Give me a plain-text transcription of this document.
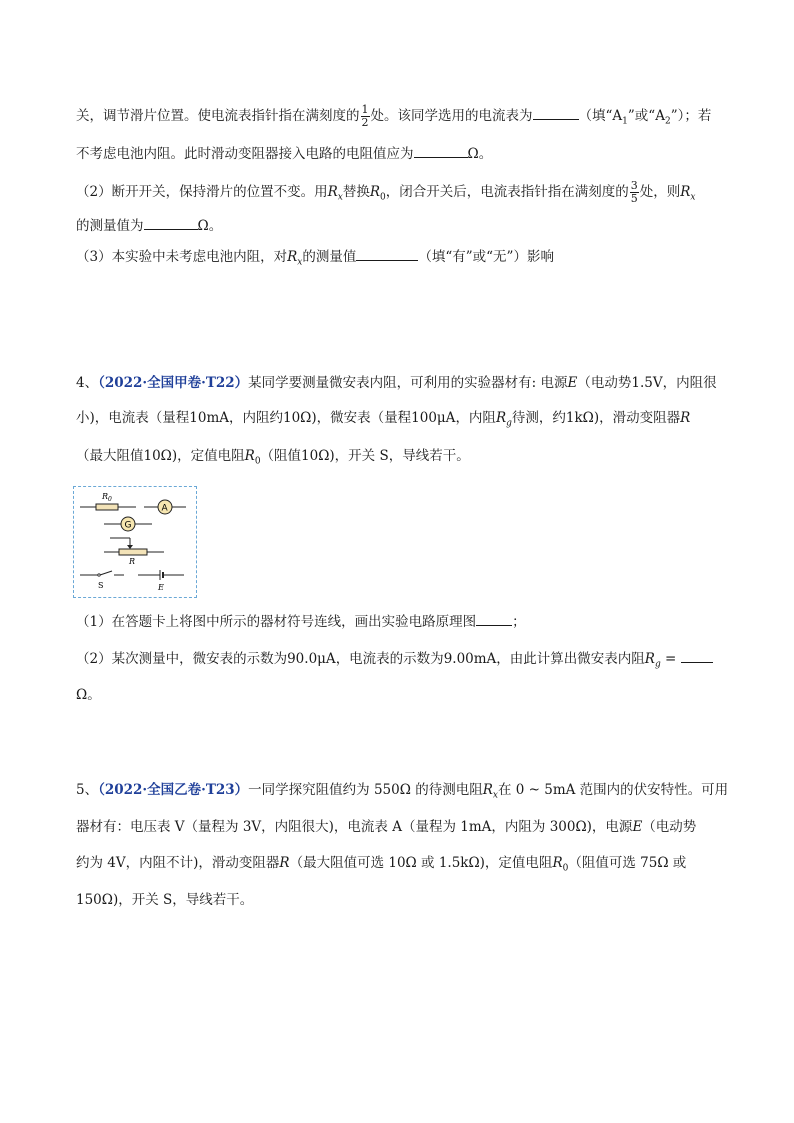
关，调节滑片位置。使电流表指针指在满刻度的 $\frac{1}{2}$ 处。该同学选用的电流表为	（填“$A_1$”或“$A_2$”）；若
不考虑电池内阻。此时滑动变阻器接入电路的电阻值应为	Ω。
（2）断开开关，保持滑片的位置不变。用$R_x$替换$R_0$，闭合开关后，电流表指针指在满刻度的 $\frac{3}{5}$ 处，则$R_x$
的测量值为	Ω。
（3）本实验中未考虑电池内阻，对$R_x$的测量值	（填“有”或“无”）影响
4、（2022·全国甲卷·T22）某同学要测量微安表内阻，可利用的实验器材有: 电源E（电动势1.5V，内阻很
小)，电流表（量程10mA，内阻约10Ω)，微安表（量程100μA，内阻$R_g$待测，约1kΩ)，滑动变阻器R
（最大阻值10Ω)，定值电阻$R_0$（阻值10Ω)，开关 S，导线若干。
$R_0$
A
G
R
S	E
（1）在答题卡上将图中所示的器材符号连线，画出实验电路原理图	；
（2）某次测量中，微安表的示数为90.0μA，电流表的示数为9.00mA，由此计算出微安表内阻$R_g$ =
Ω。
5、（2022·全国乙卷·T23）一同学探究阻值约为 550Ω 的待测电阻$R_x$在 0 ~ 5mA 范围内的伏安特性。可用
器材有：电压表 V（量程为 3V，内阻很大)，电流表 A（量程为 1mA，内阻为 300Ω)，电源E（电动势
约为 4V，内阻不计)，滑动变阻器R（最大阻值可选 10Ω 或 1.5kΩ)，定值电阻$R_0$（阻值可选 75Ω 或
150Ω)，开关 S，导线若干。
